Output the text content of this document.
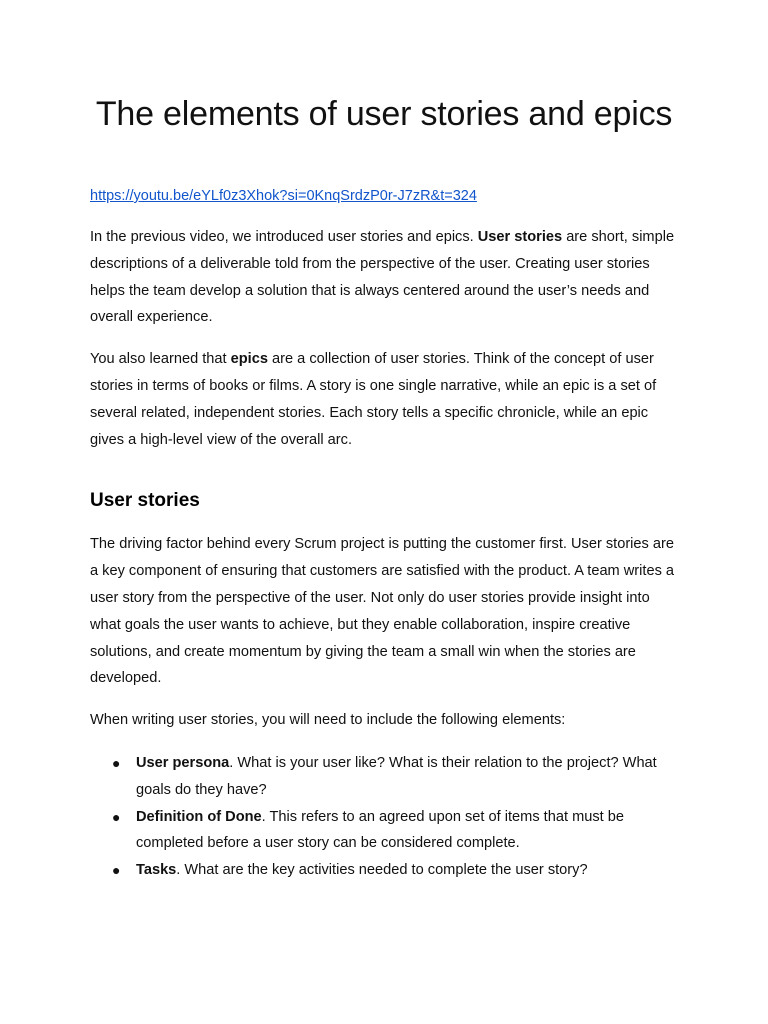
The elements of user stories and epics
https://youtu.be/eYLf0z3Xhok?si=0KnqSrdzP0r-J7zR&t=324

In the previous video, we introduced user stories and epics. User stories are short, simple descriptions of a deliverable told from the perspective of the user. Creating user stories helps the team develop a solution that is always centered around the user’s needs and overall experience.

You also learned that epics are a collection of user stories. Think of the concept of user stories in terms of books or films. A story is one single narrative, while an epic is a set of several related, independent stories. Each story tells a specific chronicle, while an epic gives a high-level view of the overall arc.

User stories

The driving factor behind every Scrum project is putting the customer first. User stories are a key component of ensuring that customers are satisfied with the product. A team writes a user story from the perspective of the user. Not only do user stories provide insight into what goals the user wants to achieve, but they enable collaboration, inspire creative solutions, and create momentum by giving the team a small win when the stories are developed.

When writing user stories, you will need to include the following elements:

● User persona. What is your user like? What is their relation to the project? What goals do they have?
● Definition of Done. This refers to an agreed upon set of items that must be completed before a user story can be considered complete.
● Tasks. What are the key activities needed to complete the user story?
